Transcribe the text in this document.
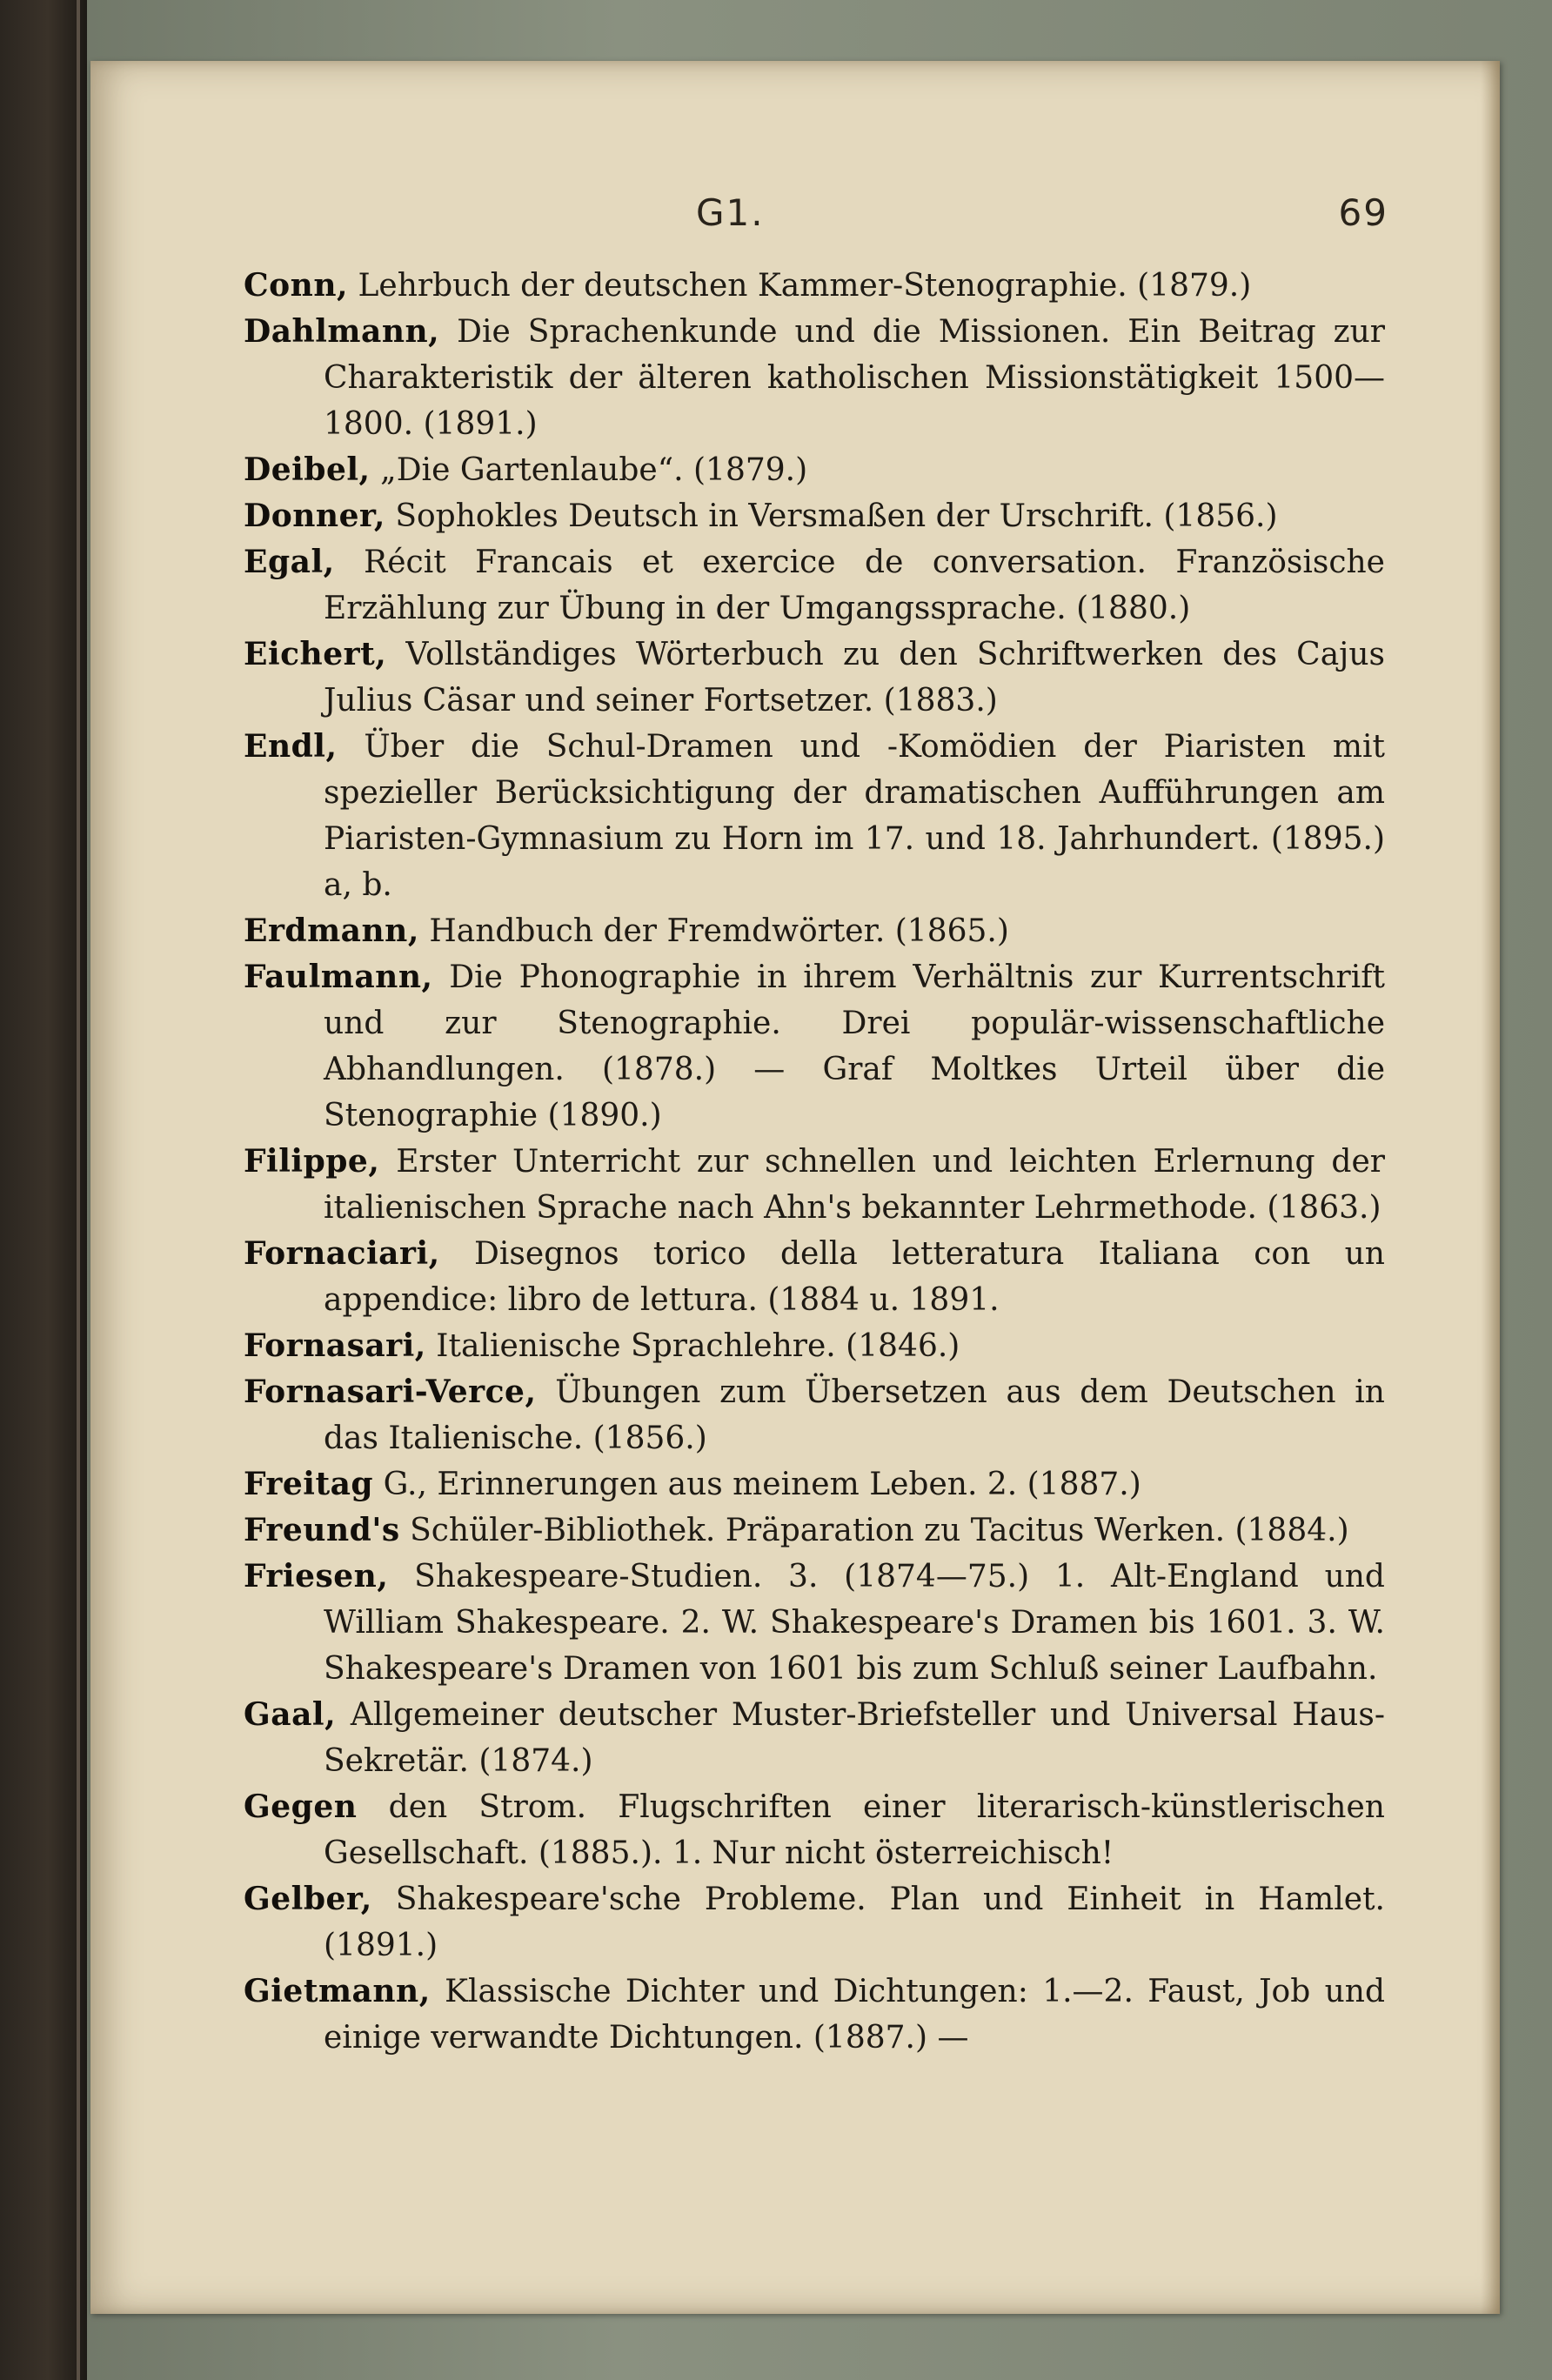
G1.	69

Conn, Lehrbuch der deutschen Kammer-Stenographie. (1879.)

Dahlmann, Die Sprachenkunde und die Missionen. Ein Beitrag zur Charakteristik der älteren katholischen Missionstätigkeit 1500—1800. (1891.)

Deibel, „Die Gartenlaube“. (1879.)

Donner, Sophokles Deutsch in Versmaßen der Urschrift. (1856.)

Egal, Récit Francais et exercice de conversation. Französische Erzählung zur Übung in der Umgangssprache. (1880.)

Eichert, Vollständiges Wörterbuch zu den Schriftwerken des Cajus Julius Cäsar und seiner Fortsetzer. (1883.)

Endl, Über die Schul-Dramen und -Komödien der Piaristen mit spezieller Berücksichtigung der dramatischen Aufführungen am Piaristen-Gymnasium zu Horn im 17. und 18. Jahrhundert. (1895.) a, b.

Erdmann, Handbuch der Fremdwörter. (1865.)

Faulmann, Die Phonographie in ihrem Verhältnis zur Kurrentschrift und zur Stenographie. Drei populär-wissenschaftliche Abhandlungen. (1878.) — Graf Moltkes Urteil über die Stenographie (1890.)

Filippe, Erster Unterricht zur schnellen und leichten Erlernung der italienischen Sprache nach Ahn's bekannter Lehrmethode. (1863.)

Fornaciari, Disegnos torico della letteratura Italiana con un appendice: libro de lettura. (1884 u. 1891.

Fornasari, Italienische Sprachlehre. (1846.)

Fornasari-Verce, Übungen zum Übersetzen aus dem Deutschen in das Italienische. (1856.)

Freitag G., Erinnerungen aus meinem Leben. 2. (1887.)

Freund's Schüler-Bibliothek. Präparation zu Tacitus Werken. (1884.)

Friesen, Shakespeare-Studien. 3. (1874—75.) 1. Alt-England und William Shakespeare. 2. W. Shakespeare's Dramen bis 1601. 3. W. Shakespeare's Dramen von 1601 bis zum Schluß seiner Laufbahn.

Gaal, Allgemeiner deutscher Muster-Briefsteller und Universal Haus-Sekretär. (1874.)

Gegen den Strom. Flugschriften einer literarisch-künstlerischen Gesellschaft. (1885.). 1. Nur nicht österreichisch!

Gelber, Shakespeare'sche Probleme. Plan und Einheit in Hamlet. (1891.)

Gietmann, Klassische Dichter und Dichtungen: 1.—2. Faust, Job und einige verwandte Dichtungen. (1887.) —
